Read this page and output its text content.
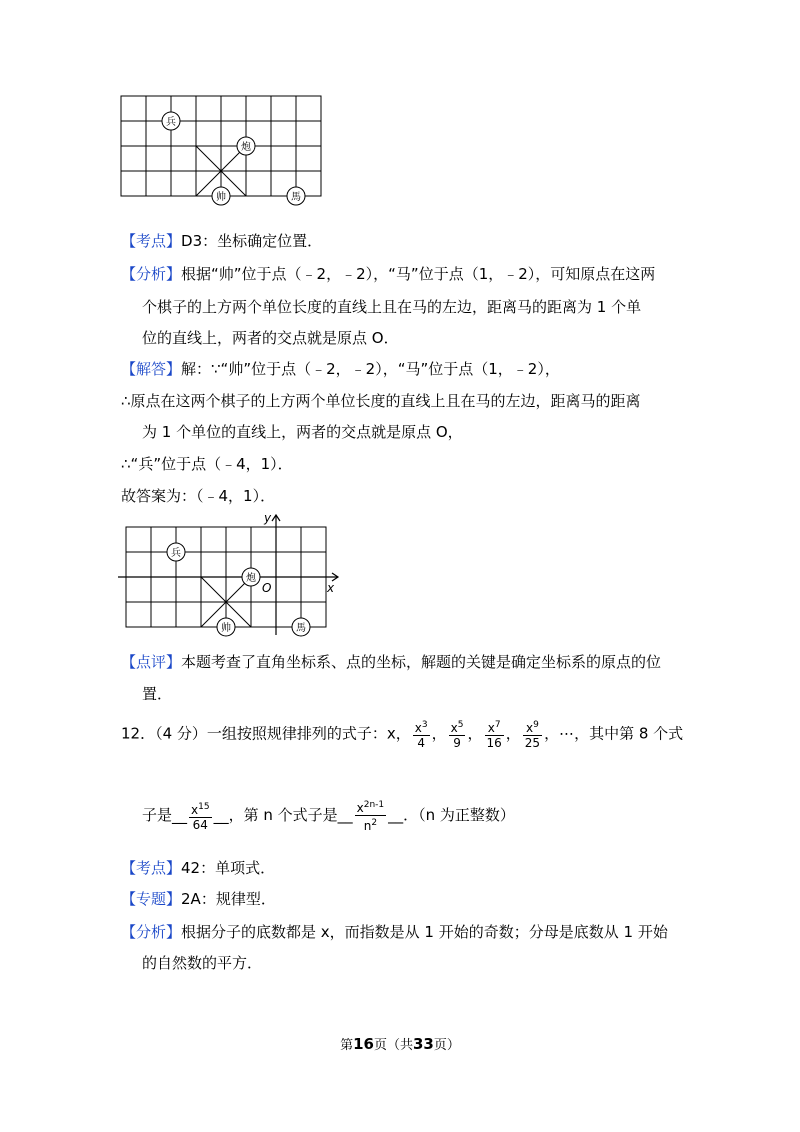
兵
炮
帅	馬
【考点】D3：坐标确定位置．
【分析】根据“帅”位于点（﹣2，﹣2），“马”位于点（1，﹣2），可知原点在这两
个棋子的上方两个单位长度的直线上且在马的左边，距离马的距离为 1 个单
位的直线上，两者的交点就是原点 O．
【解答】解：∵“帅”位于点（﹣2，﹣2），“马”位于点（1，﹣2），
∴原点在这两个棋子的上方两个单位长度的直线上且在马的左边，距离马的距离
为 1 个单位的直线上，两者的交点就是原点 O，
∴“兵”位于点（﹣4，1）．
故答案为：（﹣4，1）．
兵
炮
帅	馬
x
y
O
【点评】本题考查了直角坐标系、点的坐标，解题的关键是确定坐标系的原点的位
置．
12．（4 分）一组按照规律排列的式子：x， $\frac{x^3}{4}$ ， $\frac{x^5}{9}$ ， $\frac{x^7}{16}$ ， $\frac{x^9}{25}$ ，⋯，其中第 8 个式
子是__ $\frac{x^{15}}{64}$ __，第 n 个式子是__ $\frac{x^{2n-1}}{n^2}$ __．（n 为正整数）
【考点】42：单项式．
【专题】2A：规律型．
【分析】根据分子的底数都是 x，而指数是从 1 开始的奇数；分母是底数从 1 开始
的自然数的平方．
第16页（共33页）
